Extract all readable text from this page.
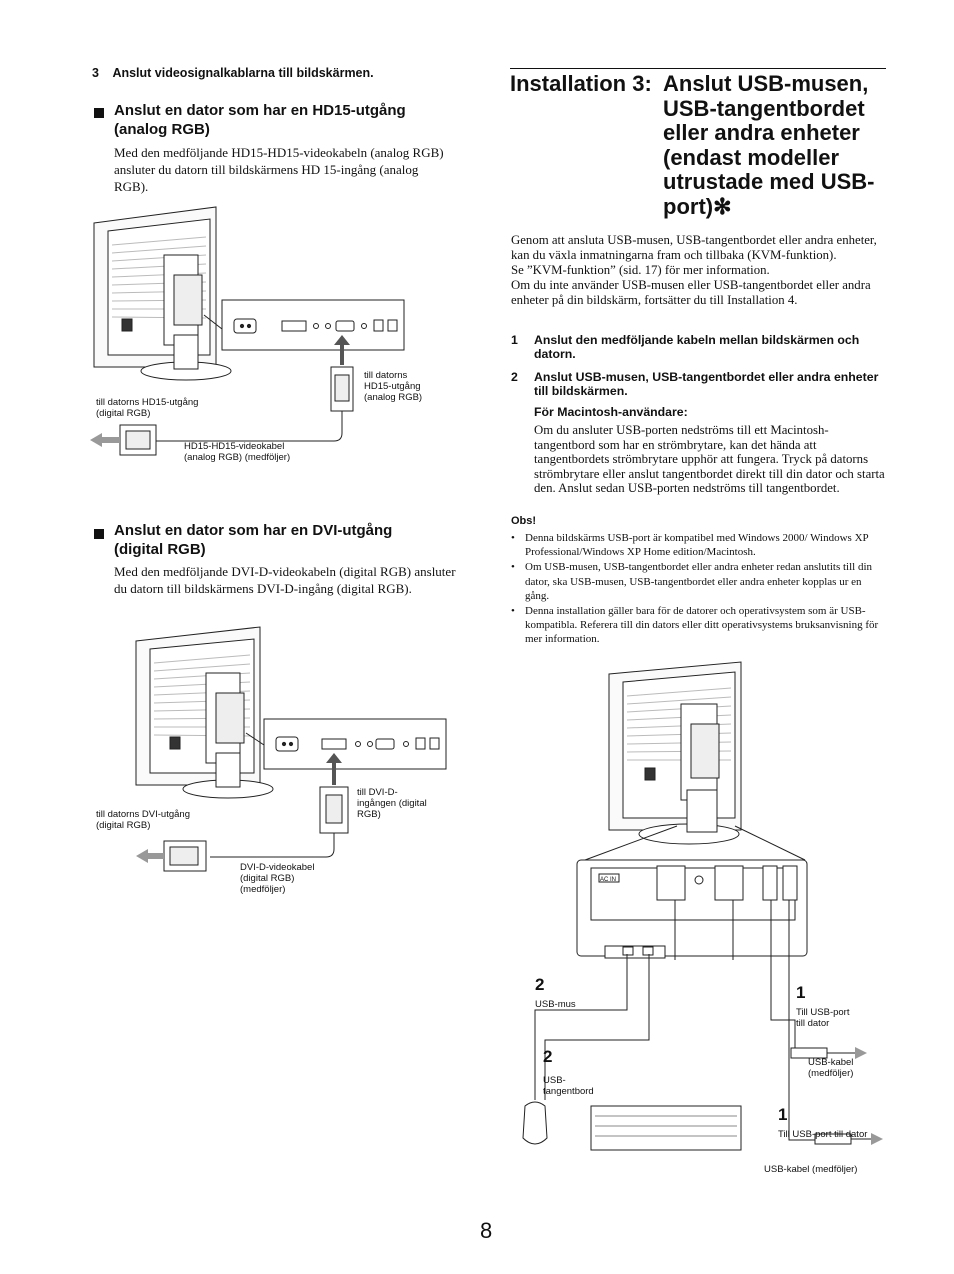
3 Anslut videosignalkablarna till bildskärmen.
Anslut en dator som har en HD15-utgång
(analog RGB)
Med den medföljande HD15-HD15-videokabeln (analog RGB) ansluter du datorn till bildskärmens HD 15-ingång (analog RGB).
till datorns
HD15-utgång
(analog RGB)
till datorns HD15-utgång
(digital RGB)
HD15-HD15-videokabel
(analog RGB) (medföljer)
Anslut en dator som har en DVI-utgång
(digital RGB)
Med den medföljande DVI-D-videokabeln (digital RGB) ansluter du datorn till bildskärmens DVI-D-ingång (digital RGB).
till DVI-D-
ingången (digital
RGB)
till datorns DVI-utgång
(digital RGB)
DVI-D-videokabel
(digital RGB)
(medföljer)
Installation 3: Anslut USB-musen,
USB-tangentbordet
eller andra enheter
(endast modeller
utrustade med USB-
port)✻
Genom att ansluta USB-musen, USB-tangentbordet eller andra enheter, kan du växla inmatningarna fram och tillbaka (KVM-funktion).
Se ”KVM-funktion” (sid. 17) för mer information.
Om du inte använder USB-musen eller USB-tangentbordet eller andra enheter på din bildskärm, fortsätter du till Installation 4.
1 Anslut den medföljande kabeln mellan bildskärmen och datorn.
2 Anslut USB-musen, USB-tangentbordet eller andra enheter till bildskärmen.
För Macintosh-användare:
Om du ansluter USB-porten nedströms till ett Macintosh-tangentbord som har en strömbrytare, kan det hända att tangentbordets strömbrytare upphör att fungera. Tryck på datorns strömbrytare eller anslut tangentbordet direkt till din dator och starta den. Anslut sedan USB-porten nedströms till tangentbordet.
Obs!
• Denna bildskärms USB-port är kompatibel med Windows 2000/ Windows XP Professional/Windows XP Home edition/Macintosh.
• Om USB-musen, USB-tangentbordet eller andra enheter redan anslutits till din dator, ska USB-musen, USB-tangentbordet eller andra enheter kopplas ur en gång.
• Denna installation gäller bara för de datorer och operativsystem som är USB-kompatibla. Referera till din dators eller ditt operativsystems bruksanvisning för mer information.
AC IN
2
USB-mus
2
USB-
tangentbord
1
Till USB-port
till dator
USB-kabel
(medföljer)
1
Till USB-port till dator
USB-kabel (medföljer)
8
